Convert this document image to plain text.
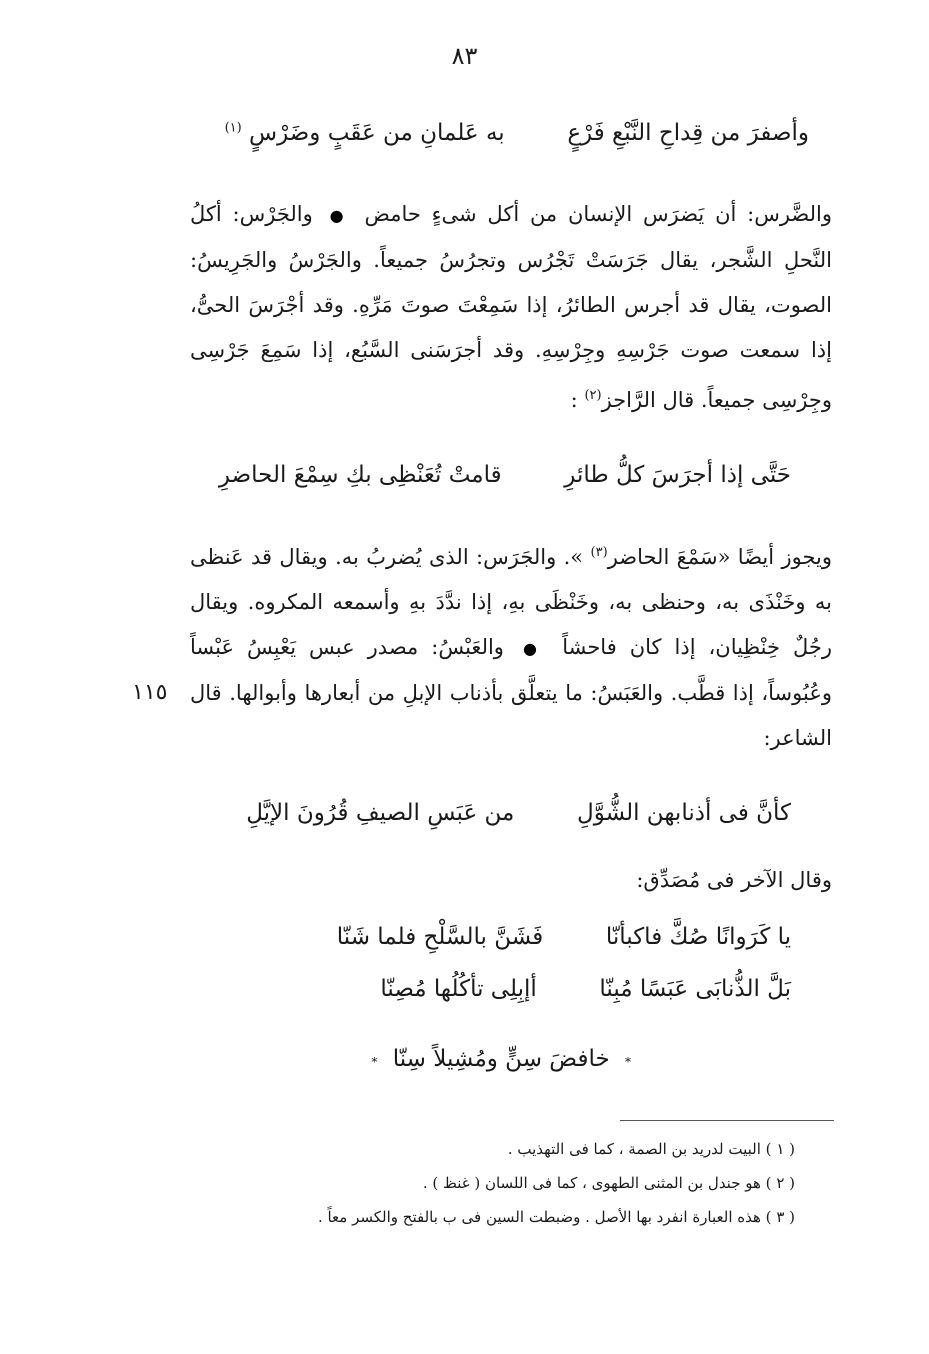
٨٣
وأصفرَ من قِداحِ النَّبْعِ فَرْعٍ  به عَلمانِ من عَقَبٍ وضَرْسٍ $^{(١)}$

والضَّرس: أن يَضرَس الإنسان من أكل شىءٍ حامض ● والجَرْس: أكلُ النَّحلِ الشَّجر، يقال جَرَسَتْ تَجْرُس وتجرُسُ جميعاً. والجَرْسُ والجَرِيسُ: الصوت، يقال قد أجرس الطائرُ، إذا سَمِعْتَ صوتَ مَرِّهِ. وقد أجْرَسَ الحىُّ، إذا سمعت صوت جَرْسِهِ وجِرْسِهِ. وقد أجرَسَنى السَّبُع، إذا سَمِعَ جَرْسِى وجِرْسِى جميعاً. قال الرَّاجز$^{(٢)}$ :

حَتَّى إذا أجرَسَ كلُّ طائرِ  قامتْ تُعَنْظِى بكِ سِمْعَ الحاضرِ

ويجوز أيضًا «سَمْعَ الحاضر$^{(٣)}$ ». والجَرَس: الذى يُضربُ به. ويقال قد عَنظى به وخَنْذَى به، وحنظى به، وخَنْظَى بهِ، إذا ندَّدَ بهِ وأسمعه المكروه. ويقال رجُلٌ خِنْظِيان، إذا كان فاحشاً ● والعَبْسُ: مصدر عبس يَعْبِسُ عَبْساً وعُبُوساً، إذا قطَّب. والعَبَسُ: ما يتعلَّق بأذناب الإبلِ من أبعارها وأبوالها. قال الشاعر:

١١٥
كأنَّ فى أذنابهن الشُّوَّلِ  من عَبَسِ الصيفِ قُرُونَ الإيَّلِ

وقال الآخر فى مُصَدِّق:

يا كَرَوانًا صُكَّ فاكبأنّا  فَشَنَّ بالسَّلْحِ فلما شَنّا
بَلَّ الذُّنابَى عَبَسًا مُبِنّا  أإبِلِى تأكُلُها مُصِنّا
* خافضَ سِنٍّ ومُشِيلاً سِنّا *

( ١ ) البيت لدريد بن الصمة ، كما فى التهذيب .

( ٢ ) هو جندل بن المثنى الطهوى ، كما فى اللسان ( غنظ ) .

( ٣ ) هذه العبارة انفرد بها الأصل . وضبطت السين فى ب بالفتح والكسر معاً .
